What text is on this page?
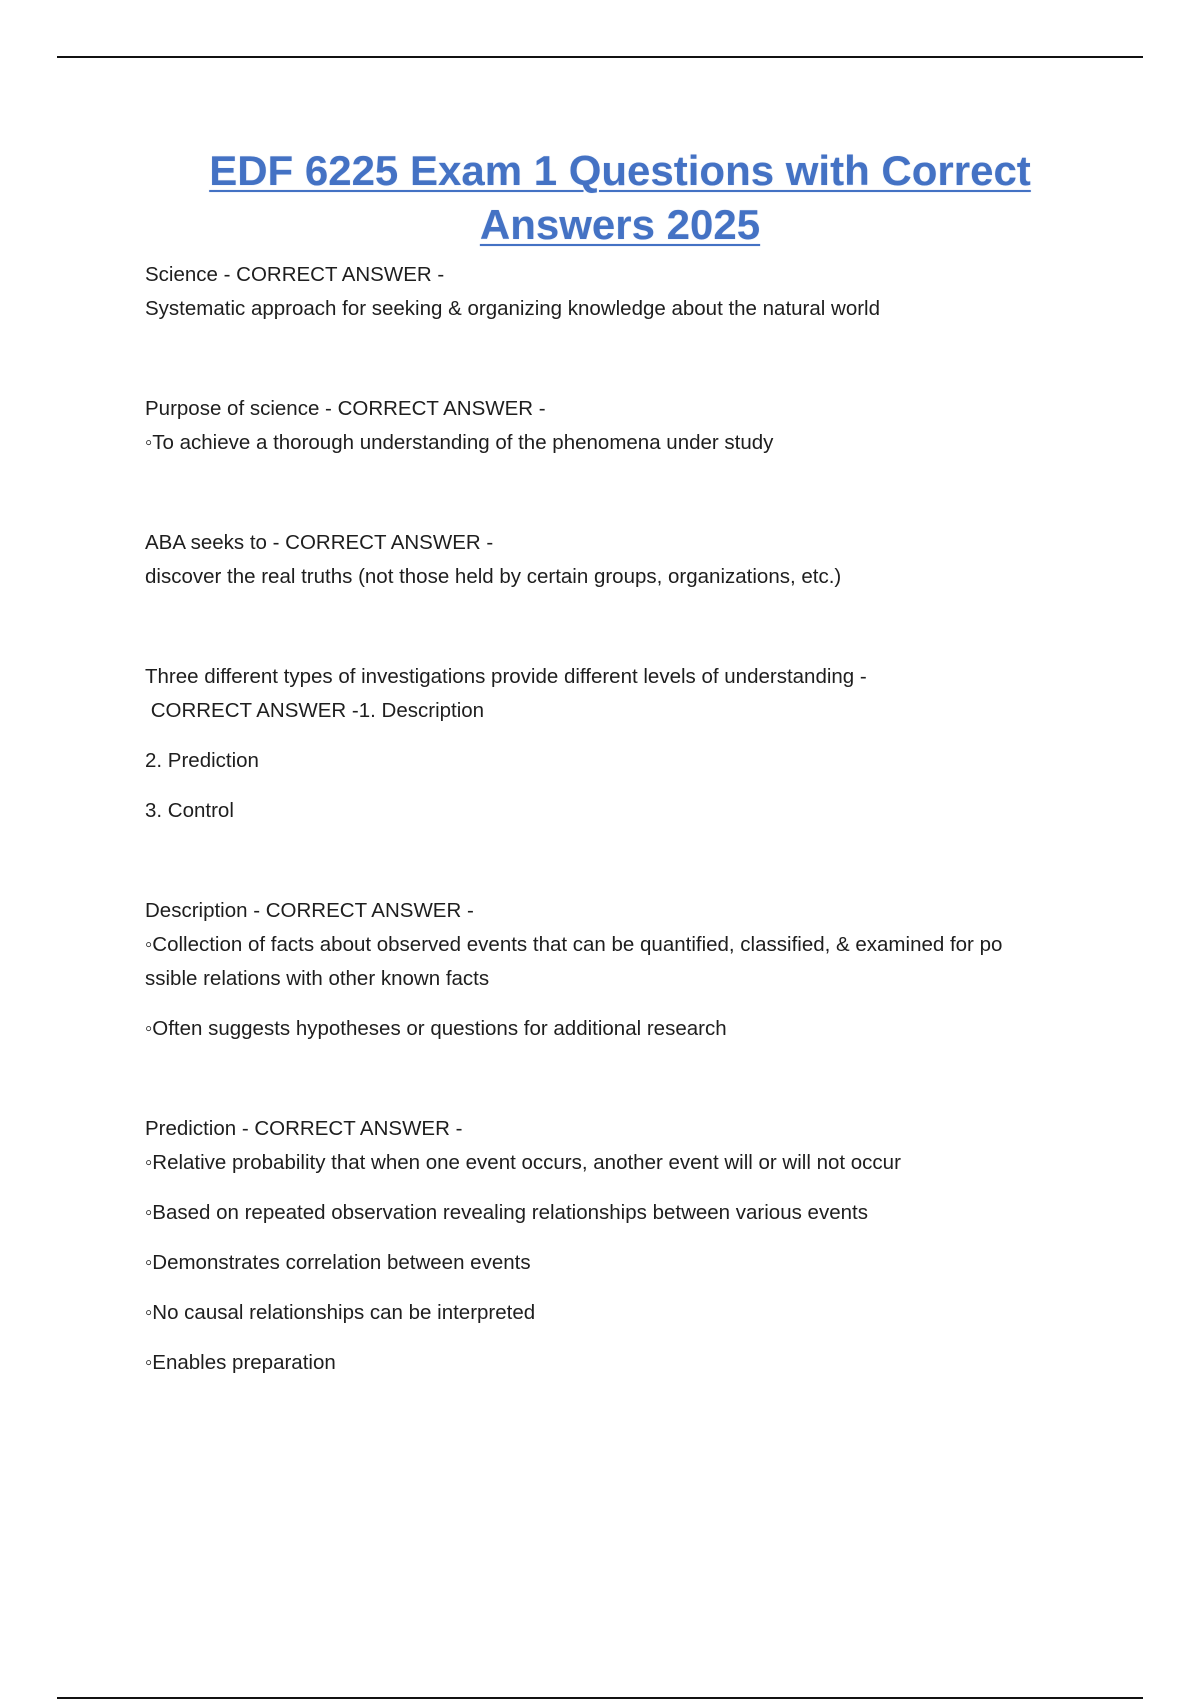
EDF 6225 Exam 1 Questions with Correct
Answers 2025

Science - CORRECT ANSWER -

Systematic approach for seeking & organizing knowledge about the natural world

Purpose of science - CORRECT ANSWER -

◦To achieve a thorough understanding of the phenomena under study

ABA seeks to - CORRECT ANSWER -

discover the real truths (not those held by certain groups, organizations, etc.)

Three different types of investigations provide different levels of understanding -

CORRECT ANSWER -1. Description

2. Prediction

3. Control

Description - CORRECT ANSWER -

◦Collection of facts about observed events that can be quantified, classified, & examined for po

ssible relations with other known facts

◦Often suggests hypotheses or questions for additional research

Prediction - CORRECT ANSWER -

◦Relative probability that when one event occurs, another event will or will not occur

◦Based on repeated observation revealing relationships between various events

◦Demonstrates correlation between events

◦No causal relationships can be interpreted

◦Enables preparation
